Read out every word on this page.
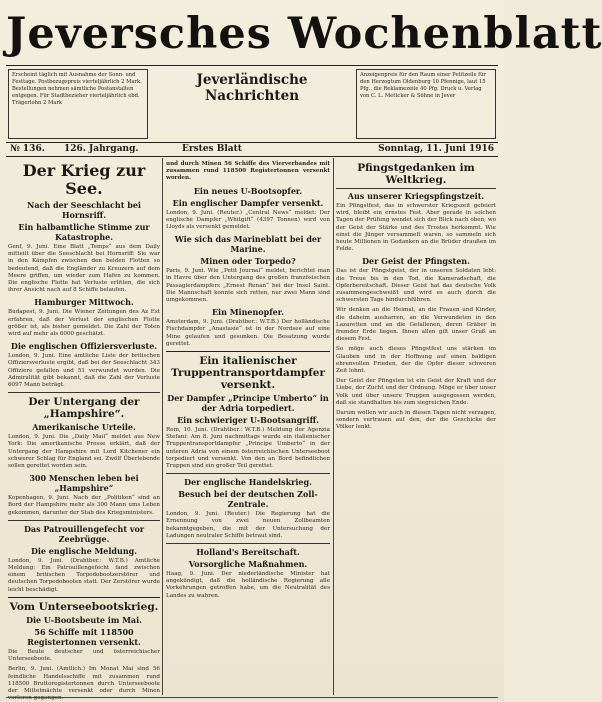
Jeversches Wochenblatt
Erscheint täglich mit Ausnahme der Sonn- und Festtage. Postbezugspreis vierteljährlich 2 Mark. Bestellungen nehmen sämtliche Postanstalten entgegen. Für Stadtbezieher vierteljährlich ebd. Trägerlohn 2 Mark
Jeverländische
Nachrichten
Anzeigenpreis für den Raum einer Petitzeile für den Herzogtum Oldenburg 10 Pfennige, laut 15 Pfg., die Reklamezeile 40 Pfg. Druck u. Verlag von C. L. Mettcker & Söhne in Jever
№ 136. 126. Jahrgang.	Erstes Blatt	Sonntag, 11. Juni 1916
Der Krieg zur See.
Nach der Seeschlacht bei Hornsriff.
Ein halbamtliche Stimme zur Katastrophe.
Genf, 9. Juni. Eine Blatt „Temps“ aus dem Daily mitteilt über die Seeschlacht bei Hornsriff: Sie war in den Kämpfen zwischen den beiden Flotten so bedeutend, daß die Engländer zu Kreuzern auf dem Meere griffen, um wieder zum Hafen zu kommen. Die englische Flotte hat Verluste erlitten, die sich ihrer Ansicht nach auf 8 Schiffe belaufen.
Hamburger Mittwoch.
Budapest, 9. Juni. Die Wiener Zeitungen des Az Est erfahren, daß der Verlust der englischen Flotte größer ist, als bisher gemeldet. Die Zahl der Toten wird auf mehr als 6000 geschätzt.
Die englischen Offiziersverluste.
London, 9. Juni. Eine amtliche Liste der britischen Offiziersverluste ergibt, daß bei der Seeschlacht 343 Offiziere gefallen und 51 verwundet wurden. Die Admiralität gibt bekannt, daß die Zahl der Verluste 6097 Mann beträgt.
Der Untergang der „Hampshire“.
Amerikanische Urteile.
London, 9. Juni. Die „Daily Mail“ meldet aus New York: Die amerikanische Presse erklärt, daß der Untergang der Hampshire mit Lord Kitchener ein schwerer Schlag für England sei. Zwölf Überlebende sollen gerettet worden sein.
300 Menschen leben bei „Hampshire“
Kopenhagen, 9. Juni. Nach der „Politiken“ sind an Bord der Hampshire mehr als 300 Mann ums Leben gekommen, darunter der Stab des Kriegsministers.
Das Patrouillengefecht vor Zeebrügge.
Die englische Meldung.
London, 9. Juni. (Drahtber.: W.T.B.) Amtliche Meldung: Ein Patrouillengefecht fand zwischen einem britischen Torpedobootzerstörer und deutschen Torpedobooten statt. Der Zerstörer wurde leicht beschädigt.
Vom Unterseebootskrieg.
Die U-Bootsbeute im Mai.
56 Schiffe mit 118500 Registertonnen versenkt.
Die Beute deutscher und österreichischer Unterseeboote.
Berlin, 9. Juni. (Amtlich.) Im Monat Mai sind 56 feindliche Handelsschiffe mit zusammen rund 118500 Bruttoregistertonnen durch Unterseeboote der Mittelmächte versenkt oder durch Minen verloren gegangen.
und durch Minen 56 Schiffe des Vierverbandes mit zusammen rund 118500 Registertonnen versenkt worden.
Ein neues U-Bootsopfer.
Ein englischer Dampfer versenkt.
London, 9. Juni. (Reuter.) „Central News“ meldet: Der englische Dampfer „Whitgift“ (4397 Tonnen) wird von Lloyds als versenkt gemeldet.
Wie sich das Marineblatt bei der Marine.
Minen oder Torpedo?
Paris, 9. Juni. Wie „Petit Journal“ meldet, berichtet man in Havre über den Untergang des großen französischen Passagierdampfers „Ernest Renan“ bei der Insel Saint. Die Mannschaft konnte sich retten, nur zwei Mann sind umgekommen.
Ein Minenopfer.
Amsterdam, 9. Juni. (Drahtber.: W.T.B.) Der holländische Fischdampfer „Anastasie“ ist in der Nordsee auf eine Mine gelaufen und gesunken. Die Besatzung wurde gerettet.
Ein italienischer Truppentransportdampfer versenkt.
Der Dampfer „Principe Umberto“ in der Adria torpediert.
Ein schwieriger U-Bootsangriff.
Rom, 10. Juni. (Drahtber.: W.T.B.) Meldung der Agenzia Stefani: Am 8. Juni nachmittags wurde ein italienischer Truppentransportdampfer „Principe Umberto“ in der unteren Adria von einem österreichischen Unterseeboot torpediert und versenkt. Von den an Bord befindlichen Truppen sind ein großer Teil gerettet.
Der englische Handelskrieg.
Besuch bei der deutschen Zoll-Zentrale.
London, 9. Juni. (Reuter.) Die Regierung hat die Ernennung von zwei neuen Zollbeamten bekanntgegeben, die mit der Untersuchung der Ladungen neutraler Schiffe betraut sind.
Holland's Bereitschaft.
Vorsorgliche Maßnahmen.
Haag, 9. Juni. Der niederländische Minister hat angekündigt, daß die holländische Regierung alle Vorkehrungen getroffen habe, um die Neutralität des Landes zu wahren.
Pfingstgedanken im Weltkrieg.
Aus unserer Kriegspfingstzeit.
Ein Pfingstfest, das in schwerster Kriegszeit gefeiert wird, bleibt ein ernstes Fest. Aber gerade in solchen Tagen der Prüfung wendet sich der Blick nach oben, wo der Geist der Stärke und des Trostes herkommt. Wie einst die Jünger versammelt waren, so sammeln sich heute Millionen in Gedanken an die Brüder draußen im Felde.
Der Geist der Pfingsten.
Das ist der Pfingstgeist, der in unseren Soldaten lebt: die Treue bis in den Tod, die Kameradschaft, die Opferbereitschaft. Dieser Geist hat das deutsche Volk zusammengeschweißt und wird es auch durch die schwersten Tage hindurchführen.
Wir denken an die Heimat, an die Frauen und Kinder, die daheim ausharren, an die Verwundeten in den Lazaretten und an die Gefallenen, deren Gräber in fremder Erde liegen. Ihnen allen gilt unser Gruß an diesem Fest.
So möge auch dieses Pfingstfest uns stärken im Glauben und in der Hoffnung auf einen baldigen ehrenvollen Frieden, der die Opfer dieser schweren Zeit lohnt.
Der Geist der Pfingsten ist ein Geist der Kraft und der Liebe, der Zucht und der Ordnung. Möge er über unser Volk und über unsere Truppen ausgegossen werden, daß sie standhalten bis zum siegreichen Ende.
Darum wollen wir auch in diesen Tagen nicht verzagen, sondern vertrauen auf den, der die Geschicke der Völker lenkt.
